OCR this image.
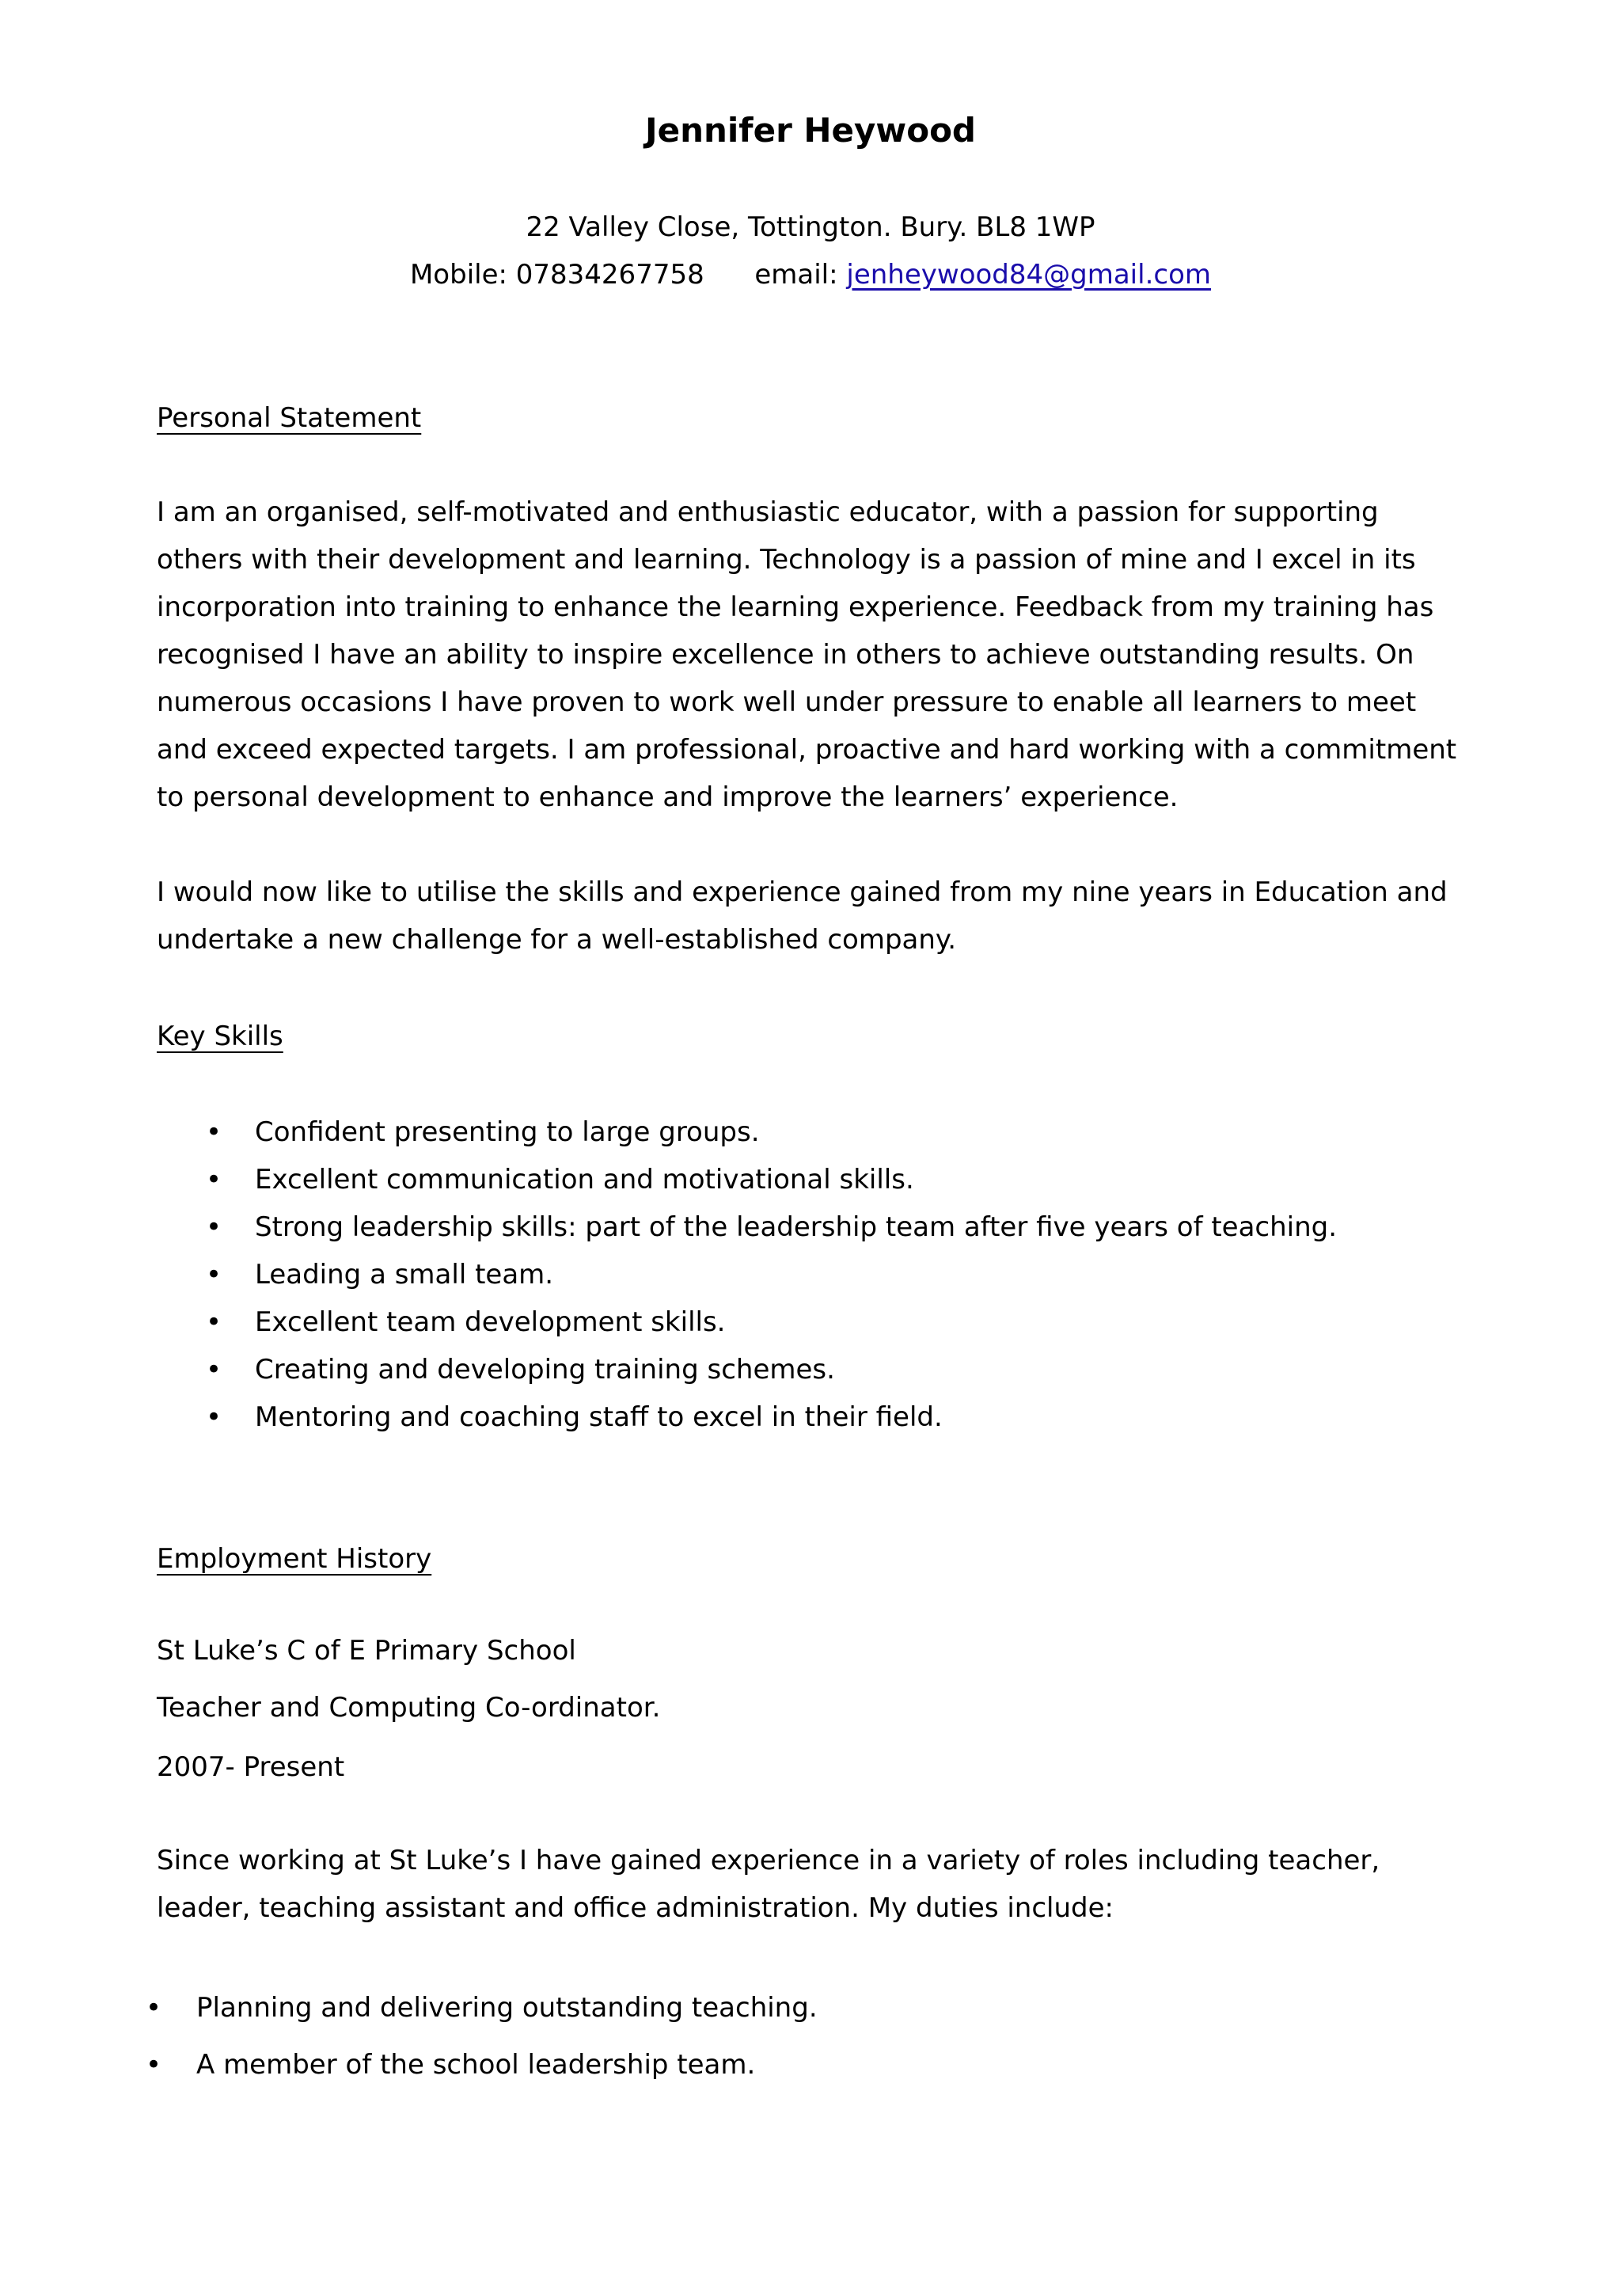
Jennifer Heywood
22 Valley Close, Tottington. Bury. BL8 1WP
Mobile: 07834267758 email: jenheywood84@gmail.com
Personal Statement
I am an organised, self-motivated and enthusiastic educator, with a passion for supporting others with their development and learning. Technology is a passion of mine and I excel in its incorporation into training to enhance the learning experience. Feedback from my training has recognised I have an ability to inspire excellence in others to achieve outstanding results. On numerous occasions I have proven to work well under pressure to enable all learners to meet and exceed expected targets. I am professional, proactive and hard working with a commitment to personal development to enhance and improve the learners’ experience.
I would now like to utilise the skills and experience gained from my nine years in Education and undertake a new challenge for a well-established company.
Key Skills
• Confident presenting to large groups.
• Excellent communication and motivational skills.
• Strong leadership skills: part of the leadership team after five years of teaching.
• Leading a small team.
• Excellent team development skills.
• Creating and developing training schemes.
• Mentoring and coaching staff to excel in their field.
Employment History
St Luke’s C of E Primary School
Teacher and Computing Co-ordinator.
2007- Present
Since working at St Luke’s I have gained experience in a variety of roles including teacher, leader, teaching assistant and office administration. My duties include:
• Planning and delivering outstanding teaching.
• A member of the school leadership team.
